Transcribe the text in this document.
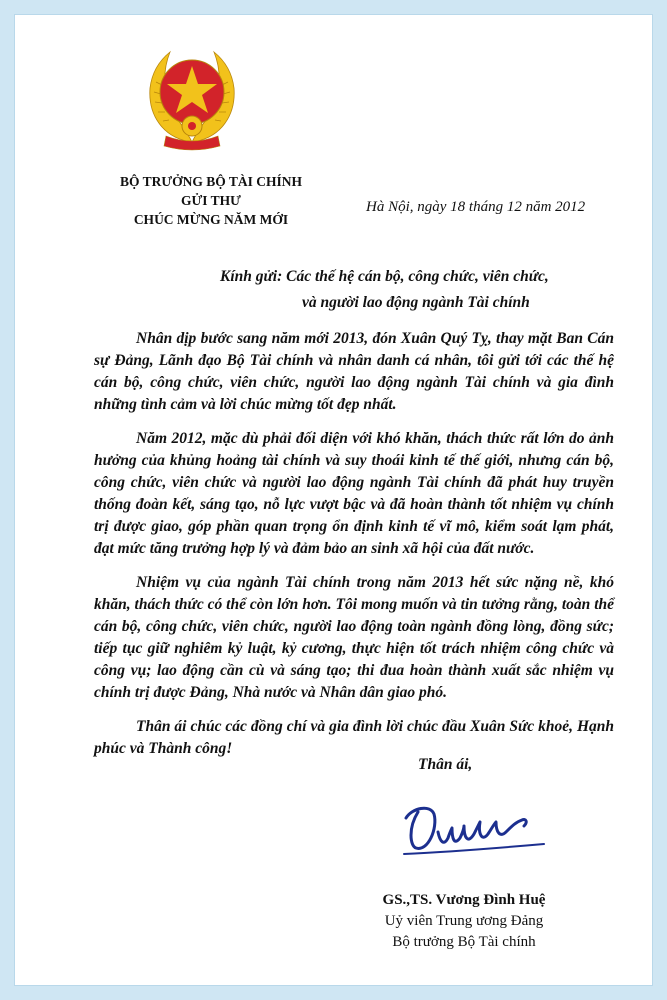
BỘ TRƯỞNG BỘ TÀI CHÍNH
GỬI THƯ
CHÚC MỪNG NĂM MỚI
Hà Nội, ngày 18 tháng 12 năm 2012
Kính gửi: Các thế hệ cán bộ, công chức, viên chức,
và người lao động ngành Tài chính

Nhân dịp bước sang năm mới 2013, đón Xuân Quý Tỵ, thay mặt Ban Cán sự Đảng, Lãnh đạo Bộ Tài chính và nhân danh cá nhân, tôi gửi tới các thế hệ cán bộ, công chức, viên chức, người lao động ngành Tài chính và gia đình những tình cảm và lời chúc mừng tốt đẹp nhất.

Năm 2012, mặc dù phải đối diện với khó khăn, thách thức rất lớn do ảnh hưởng của khủng hoảng tài chính và suy thoái kinh tế thế giới, nhưng cán bộ, công chức, viên chức và người lao động ngành Tài chính đã phát huy truyền thống đoàn kết, sáng tạo, nỗ lực vượt bậc và đã hoàn thành tốt nhiệm vụ chính trị được giao, góp phần quan trọng ổn định kinh tế vĩ mô, kiểm soát lạm phát, đạt mức tăng trưởng hợp lý và đảm bảo an sinh xã hội của đất nước.

Nhiệm vụ của ngành Tài chính trong năm 2013 hết sức nặng nề, khó khăn, thách thức có thể còn lớn hơn. Tôi mong muốn và tin tưởng rằng, toàn thể cán bộ, công chức, viên chức, người lao động toàn ngành đồng lòng, đồng sức; tiếp tục giữ nghiêm kỷ luật, kỷ cương, thực hiện tốt trách nhiệm công chức và công vụ; lao động cần cù và sáng tạo; thi đua hoàn thành xuất sắc nhiệm vụ chính trị được Đảng, Nhà nước và Nhân dân giao phó.

Thân ái chúc các đồng chí và gia đình lời chúc đầu Xuân Sức khoẻ, Hạnh phúc và Thành công!

Thân ái,
GS.,TS. Vương Đình Huệ
Uỷ viên Trung ương Đảng
Bộ trưởng Bộ Tài chính
